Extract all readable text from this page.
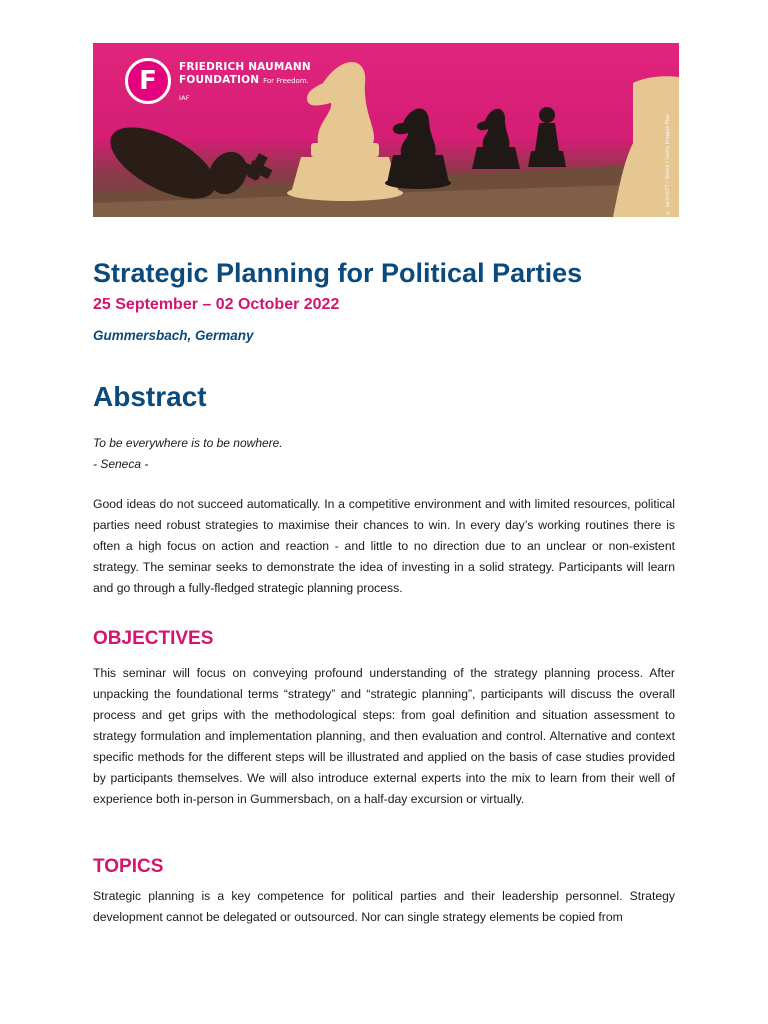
F	FRIEDRICH NAUMANN
FOUNDATION For Freedom.
IAF
© lachris77 / iStock / Getty Images Plus
Strategic Planning for Political Parties

25 September – 02 October 2022

Gummersbach, Germany

Abstract
To be everywhere is to be nowhere.
- Seneca -

Good ideas do not succeed automatically. In a competitive environment and with limited resources, political parties need robust strategies to maximise their chances to win. In every day’s working routines there is often a high focus on action and reaction - and little to no direction due to an unclear or non-existent strategy. The seminar seeks to demonstrate the idea of investing in a solid strategy. Participants will learn and go through a fully-fledged strategic planning process.

OBJECTIVES

This seminar will focus on conveying profound understanding of the strategy planning process. After unpacking the foundational terms “strategy” and “strategic planning”, participants will discuss the overall process and get grips with the methodological steps: from goal definition and situation assessment to strategy formulation and implementation planning, and then evaluation and control. Alternative and context specific methods for the different steps will be illustrated and applied on the basis of case studies provided by participants themselves. We will also introduce external experts into the mix to learn from their well of experience both in-person in Gummersbach, on a half-day excursion or virtually.

TOPICS

Strategic planning is a key competence for political parties and their leadership personnel. Strategy development cannot be delegated or outsourced. Nor can single strategy elements be copied from
